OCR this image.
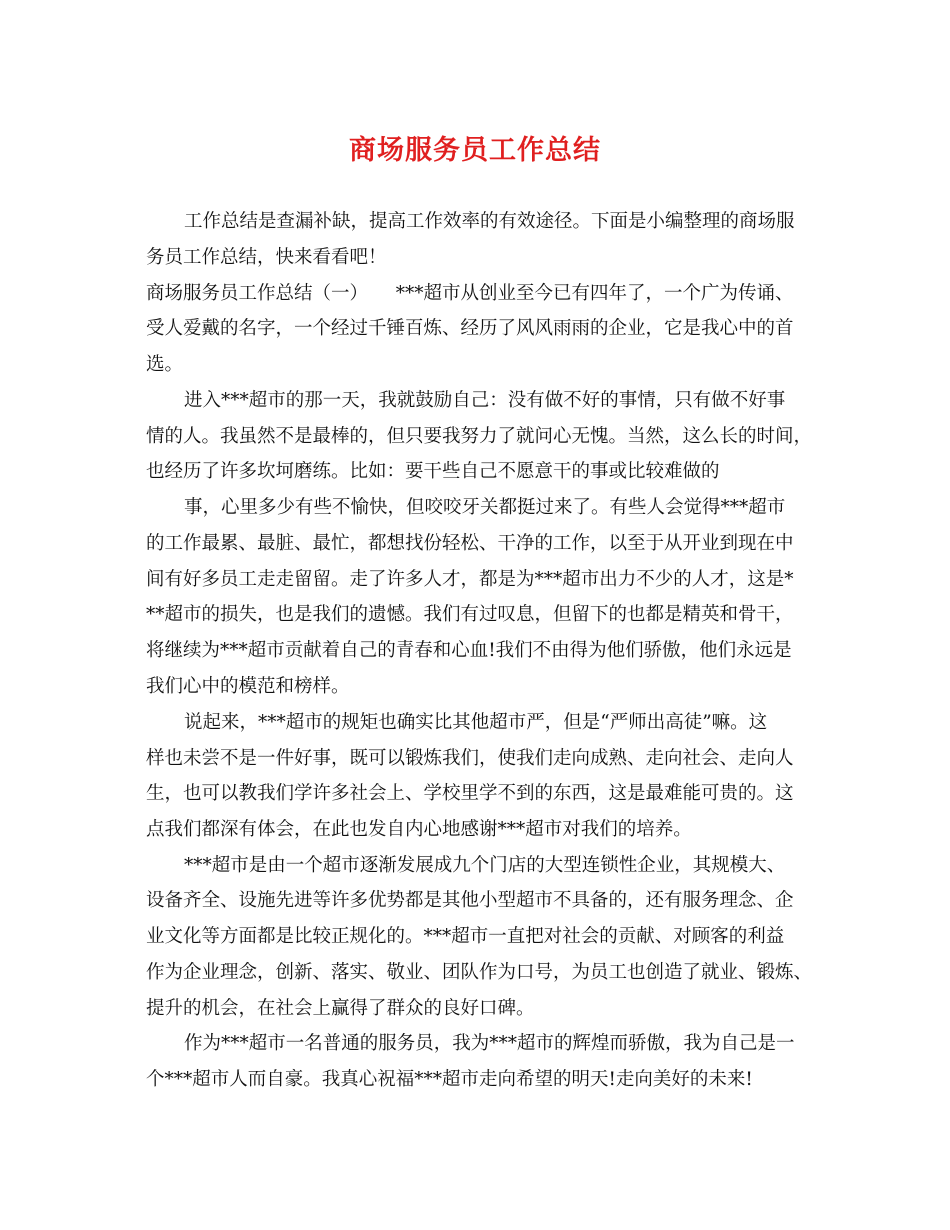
商场服务员工作总结

工作总结是查漏补缺，提高工作效率的有效途径。下面是小编整理的商场服

务员工作总结，快来看看吧！

商场服务员工作总结（一）　　***超市从创业至今已有四年了，一个广为传诵、

受人爱戴的名字，一个经过千锤百炼、经历了风风雨雨的企业，它是我心中的首

选。

进入***超市的那一天，我就鼓励自己：没有做不好的事情，只有做不好事

情的人。我虽然不是最棒的，但只要我努力了就问心无愧。当然，这么长的时间，

也经历了许多坎坷磨练。比如：要干些自己不愿意干的事或比较难做的

事，心里多少有些不愉快，但咬咬牙关都挺过来了。有些人会觉得***超市

的工作最累、最脏、最忙，都想找份轻松、干净的工作，以至于从开业到现在中

间有好多员工走走留留。走了许多人才，都是为***超市出力不少的人才，这是*

**超市的损失，也是我们的遗憾。我们有过叹息，但留下的也都是精英和骨干，

将继续为***超市贡献着自己的青春和心血!我们不由得为他们骄傲，他们永远是

我们心中的模范和榜样。

说起来，***超市的规矩也确实比其他超市严，但是“严师出高徒”嘛。这

样也未尝不是一件好事，既可以锻炼我们，使我们走向成熟、走向社会、走向人

生，也可以教我们学许多社会上、学校里学不到的东西，这是最难能可贵的。这

点我们都深有体会，在此也发自内心地感谢***超市对我们的培养。

***超市是由一个超市逐渐发展成九个门店的大型连锁性企业，其规模大、

设备齐全、设施先进等许多优势都是其他小型超市不具备的，还有服务理念、企

业文化等方面都是比较正规化的。***超市一直把对社会的贡献、对顾客的利益

作为企业理念，创新、落实、敬业、团队作为口号，为员工也创造了就业、锻炼、

提升的机会，在社会上赢得了群众的良好口碑。

作为***超市一名普通的服务员，我为***超市的辉煌而骄傲，我为自己是一

个***超市人而自豪。我真心祝福***超市走向希望的明天!走向美好的未来!
